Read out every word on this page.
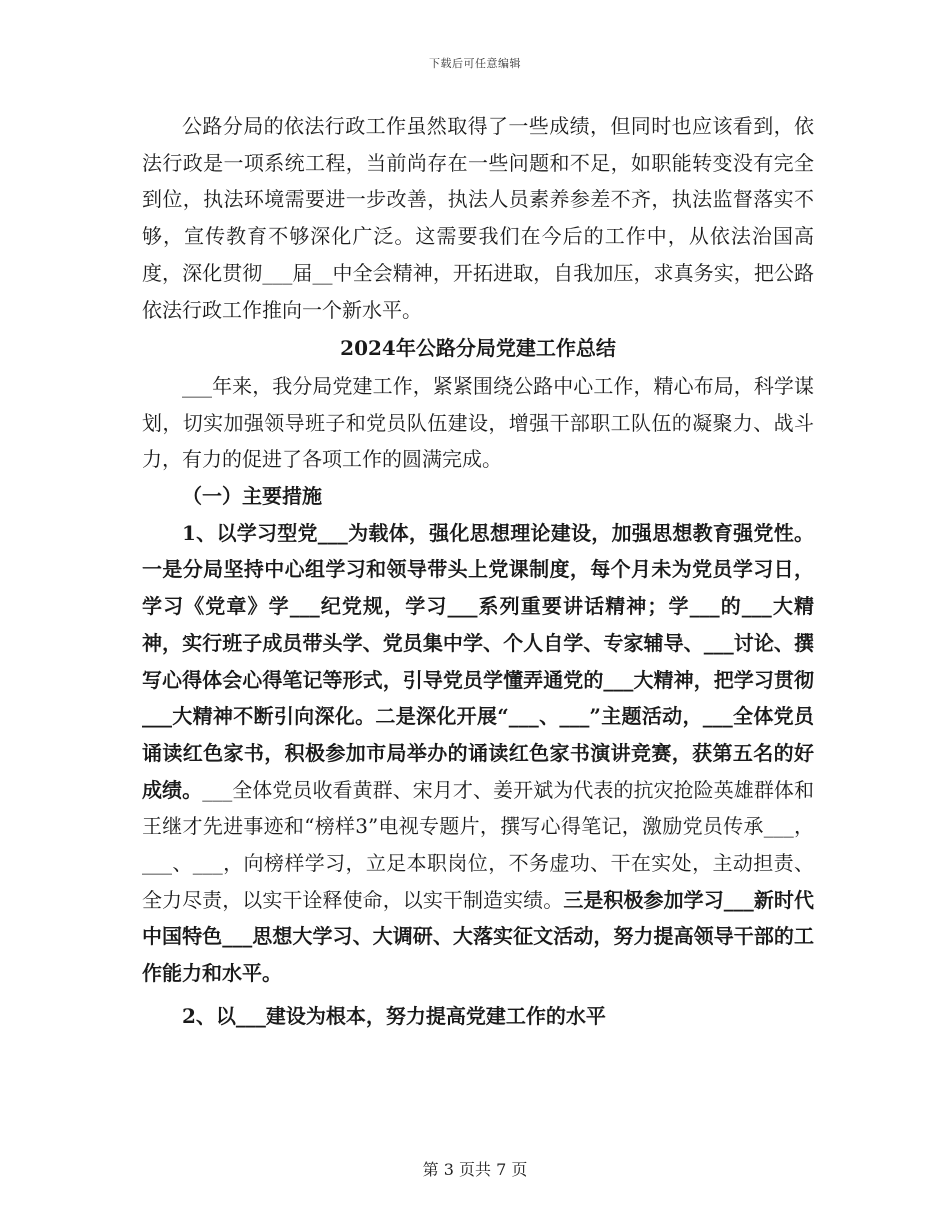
下载后可任意编辑

公路分局的依法行政工作虽然取得了一些成绩，但同时也应该看到，依法行政是一项系统工程，当前尚存在一些问题和不足，如职能转变没有完全到位，执法环境需要进一步改善，执法人员素养参差不齐，执法监督落实不够，宣传教育不够深化广泛。这需要我们在今后的工作中，从依法治国高度，深化贯彻___届__中全会精神，开拓进取，自我加压，求真务实，把公路依法行政工作推向一个新水平。

2024年公路分局党建工作总结

___年来，我分局党建工作，紧紧围绕公路中心工作，精心布局，科学谋划，切实加强领导班子和党员队伍建设，增强干部职工队伍的凝聚力、战斗力，有力的促进了各项工作的圆满完成。

（一）主要措施

1、以学习型党___为载体，强化思想理论建设，加强思想教育强党性。一是分局坚持中心组学习和领导带头上党课制度，每个月未为党员学习日，学习《党章》学___纪党规，学习___系列重要讲话精神；学___的___大精神，实行班子成员带头学、党员集中学、个人自学、专家辅导、___讨论、撰写心得体会心得笔记等形式，引导党员学懂弄通党的___大精神，把学习贯彻___大精神不断引向深化。二是深化开展“___、___”主题活动，___全体党员诵读红色家书，积极参加市局举办的诵读红色家书演讲竞赛，获第五名的好成绩。___全体党员收看黄群、宋月才、姜开斌为代表的抗灾抢险英雄群体和王继才先进事迹和“榜样3”电视专题片，撰写心得笔记，激励党员传承___，___、___，向榜样学习，立足本职岗位，不务虚功、干在实处，主动担责、全力尽责，以实干诠释使命，以实干制造实绩。三是积极参加学习___新时代中国特色___思想大学习、大调研、大落实征文活动，努力提高领导干部的工作能力和水平。

2、以___建设为根本，努力提高党建工作的水平

第 3 页共 7 页
